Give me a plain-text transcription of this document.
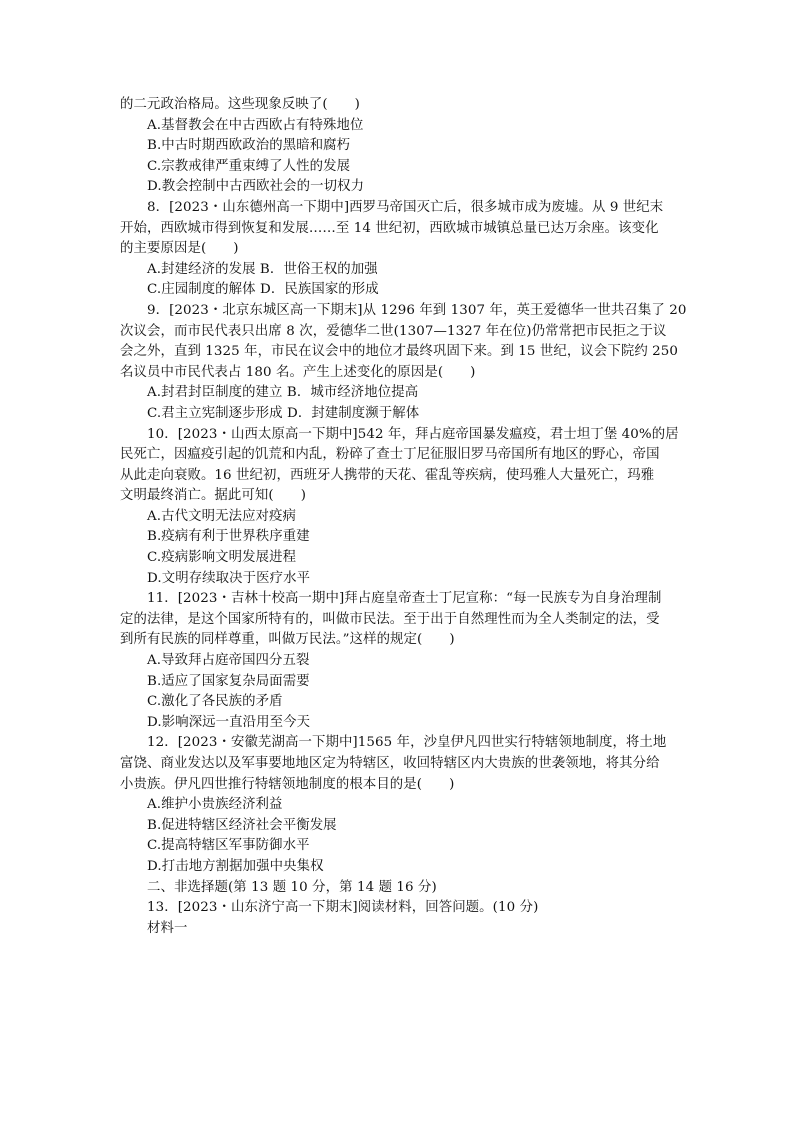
的二元政治格局。这些现象反映了(　　)
A.基督教会在中古西欧占有特殊地位
B.中古时期西欧政治的黑暗和腐朽
C.宗教戒律严重束缚了人性的发展
D.教会控制中古西欧社会的一切权力
8．[2023・山东德州高一下期中]西罗马帝国灭亡后，很多城市成为废墟。从 9 世纪末
开始，西欧城市得到恢复和发展……至 14 世纪初，西欧城市城镇总量已达万余座。该变化
的主要原因是(　　)
A.封建经济的发展 B．世俗王权的加强
C.庄园制度的解体 D．民族国家的形成
9．[2023・北京东城区高一下期末]从 1296 年到 1307 年，英王爱德华一世共召集了 20
次议会，而市民代表只出席 8 次，爱德华二世(1307—1327 年在位)仍常常把市民拒之于议
会之外，直到 1325 年，市民在议会中的地位才最终巩固下来。到 15 世纪，议会下院约 250
名议员中市民代表占 180 名。产生上述变化的原因是(　　)
A.封君封臣制度的建立 B．城市经济地位提高
C.君主立宪制逐步形成 D．封建制度濒于解体
10．[2023・山西太原高一下期中]542 年，拜占庭帝国暴发瘟疫，君士坦丁堡 40%的居
民死亡，因瘟疫引起的饥荒和内乱，粉碎了查士丁尼征服旧罗马帝国所有地区的野心，帝国
从此走向衰败。16 世纪初，西班牙人携带的天花、霍乱等疾病，使玛雅人大量死亡，玛雅
文明最终消亡。据此可知(　　)
A.古代文明无法应对疫病
B.疫病有利于世界秩序重建
C.疫病影响文明发展进程
D.文明存续取决于医疗水平
11．[2023・吉林十校高一期中]拜占庭皇帝查士丁尼宣称：“每一民族专为自身治理制
定的法律，是这个国家所特有的，叫做市民法。至于出于自然理性而为全人类制定的法，受
到所有民族的同样尊重，叫做万民法。”这样的规定(　　)
A.导致拜占庭帝国四分五裂
B.适应了国家复杂局面需要
C.激化了各民族的矛盾
D.影响深远一直沿用至今天
12．[2023・安徽芜湖高一下期中]1565 年，沙皇伊凡四世实行特辖领地制度，将土地
富饶、商业发达以及军事要地地区定为特辖区，收回特辖区内大贵族的世袭领地，将其分给
小贵族。伊凡四世推行特辖领地制度的根本目的是(　　)
A.维护小贵族经济利益
B.促进特辖区经济社会平衡发展
C.提高特辖区军事防御水平
D.打击地方割据加强中央集权
二、非选择题(第 13 题 10 分，第 14 题 16 分)
13．[2023・山东济宁高一下期末]阅读材料，回答问题。(10 分)
材料一
